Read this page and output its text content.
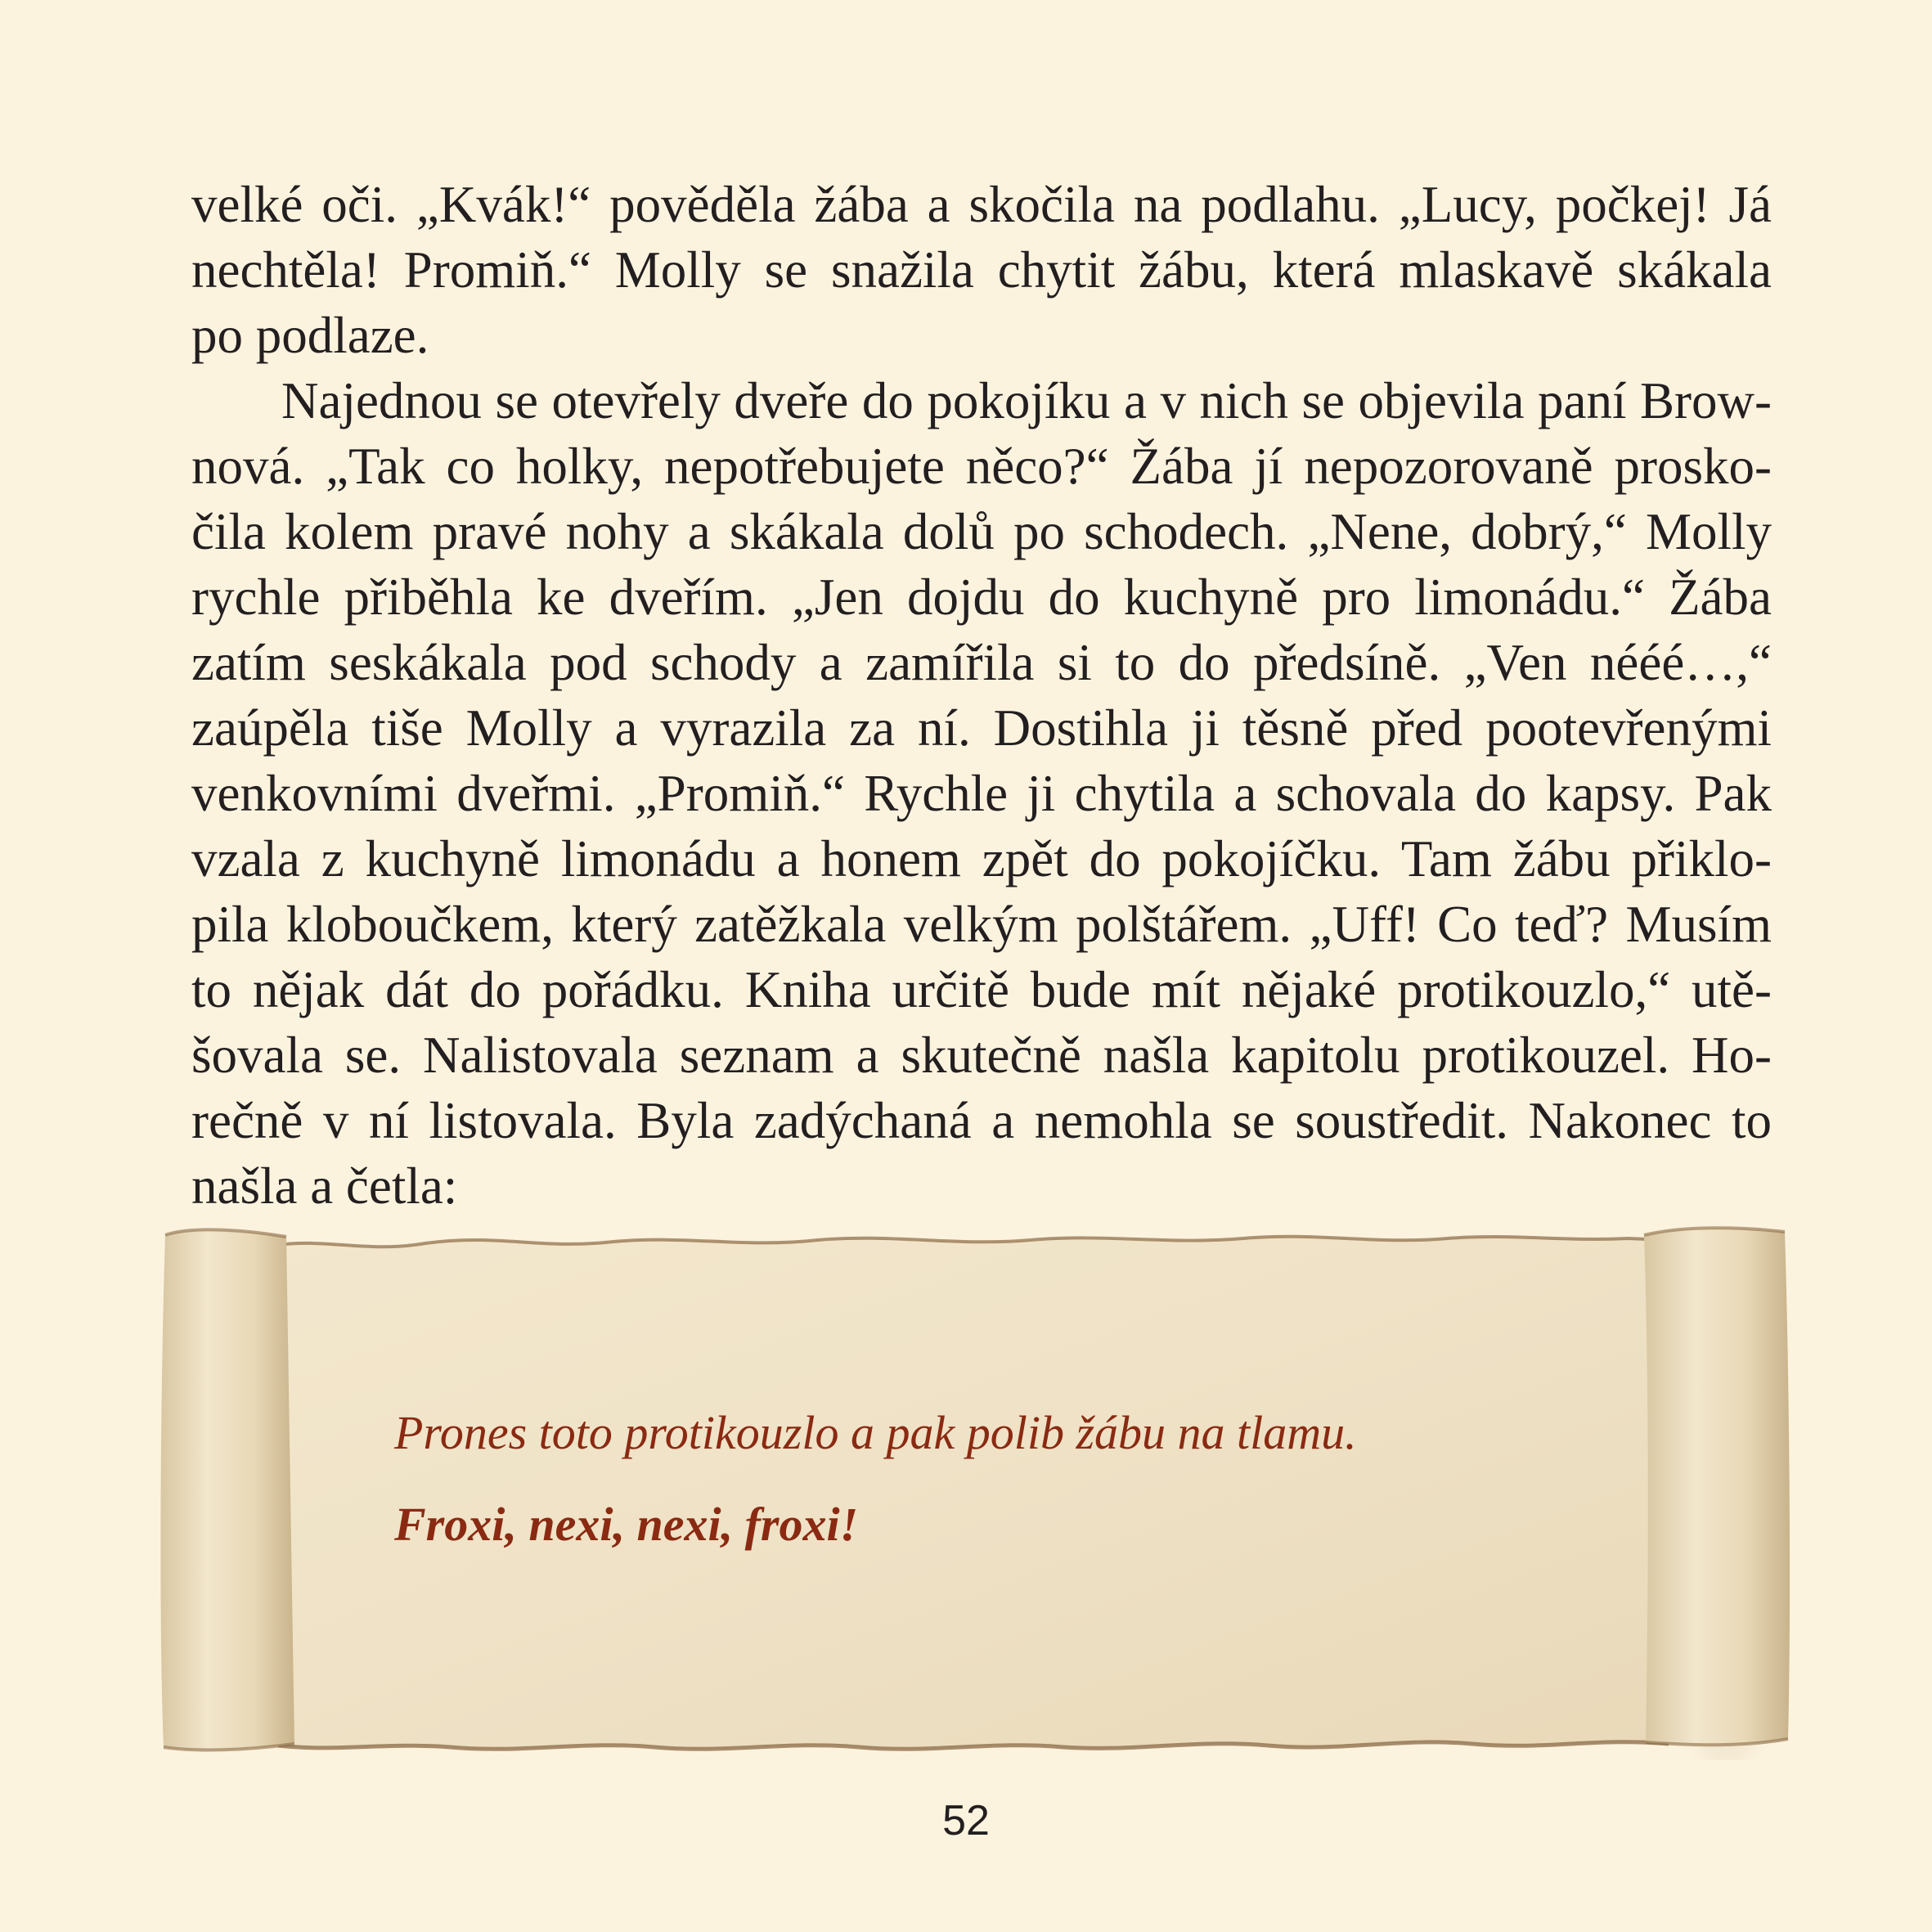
velké oči. „Kvák!“ pověděla žába a skočila na podlahu. „Lucy, počkej! Já
nechtěla! Promiň.“ Molly se snažila chytit žábu, která mlaskavě skákala
po podlaze.
Najednou se otevřely dveře do pokojíku a v nich se objevila paní Brow-
nová. „Tak co holky, nepotřebujete něco?“ Žába jí nepozorovaně prosko-
čila kolem pravé nohy a skákala dolů po schodech. „Nene, dobrý,“ Molly
rychle přiběhla ke dveřím. „Jen dojdu do kuchyně pro limonádu.“ Žába
zatím seskákala pod schody a zamířila si to do předsíně. „Ven nééé…,“
zaúpěla tiše Molly a vyrazila za ní. Dostihla ji těsně před pootevřenými
venkovními dveřmi. „Promiň.“ Rychle ji chytila a schovala do kapsy. Pak
vzala z kuchyně limonádu a honem zpět do pokojíčku. Tam žábu přiklo-
pila kloboučkem, který zatěžkala velkým polštářem. „Uff! Co teď? Musím
to nějak dát do pořádku. Kniha určitě bude mít nějaké protikouzlo,“ utě-
šovala se. Nalistovala seznam a skutečně našla kapitolu protikouzel. Ho-
rečně v ní listovala. Byla zadýchaná a nemohla se soustředit. Nakonec to
našla a četla:
Prones toto protikouzlo a pak polib žábu na tlamu.
Froxi, nexi, nexi, froxi!
52
